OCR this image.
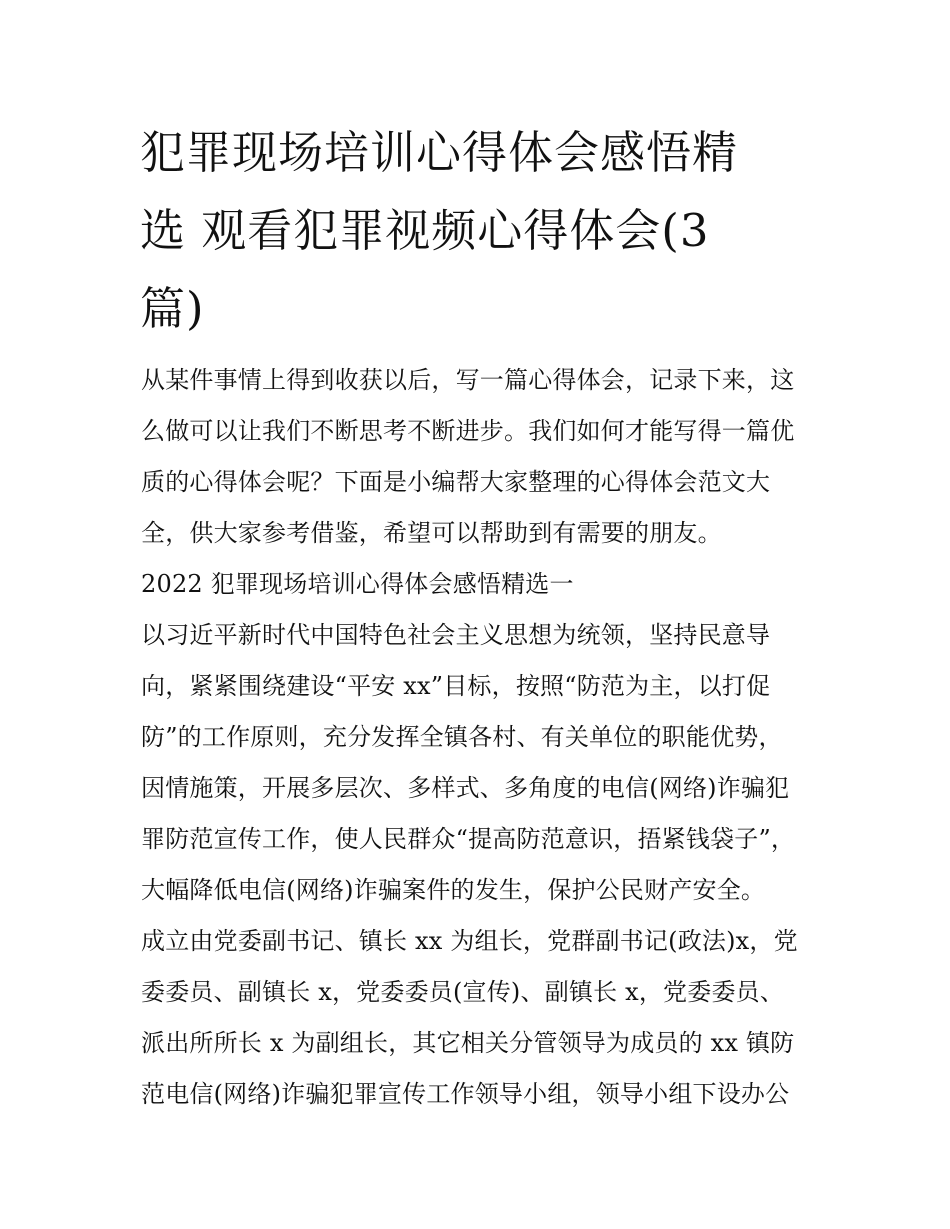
犯罪现场培训心得体会感悟精
选 观看犯罪视频心得体会(3
篇)
从某件事情上得到收获以后，写一篇心得体会，记录下来，这
么做可以让我们不断思考不断进步。我们如何才能写得一篇优
质的心得体会呢？下面是小编帮大家整理的心得体会范文大
全，供大家参考借鉴，希望可以帮助到有需要的朋友。
2022 犯罪现场培训心得体会感悟精选一
以习近平新时代中国特色社会主义思想为统领，坚持民意导
向，紧紧围绕建设“平安 xx”目标，按照“防范为主，以打促
防”的工作原则，充分发挥全镇各村、有关单位的职能优势，
因情施策，开展多层次、多样式、多角度的电信(网络)诈骗犯
罪防范宣传工作，使人民群众“提高防范意识，捂紧钱袋子”，
大幅降低电信(网络)诈骗案件的发生，保护公民财产安全。
成立由党委副书记、镇长 xx 为组长，党群副书记(政法)x，党
委委员、副镇长 x，党委委员(宣传)、副镇长 x，党委委员、
派出所所长 x 为副组长，其它相关分管领导为成员的 xx 镇防
范电信(网络)诈骗犯罪宣传工作领导小组，领导小组下设办公
